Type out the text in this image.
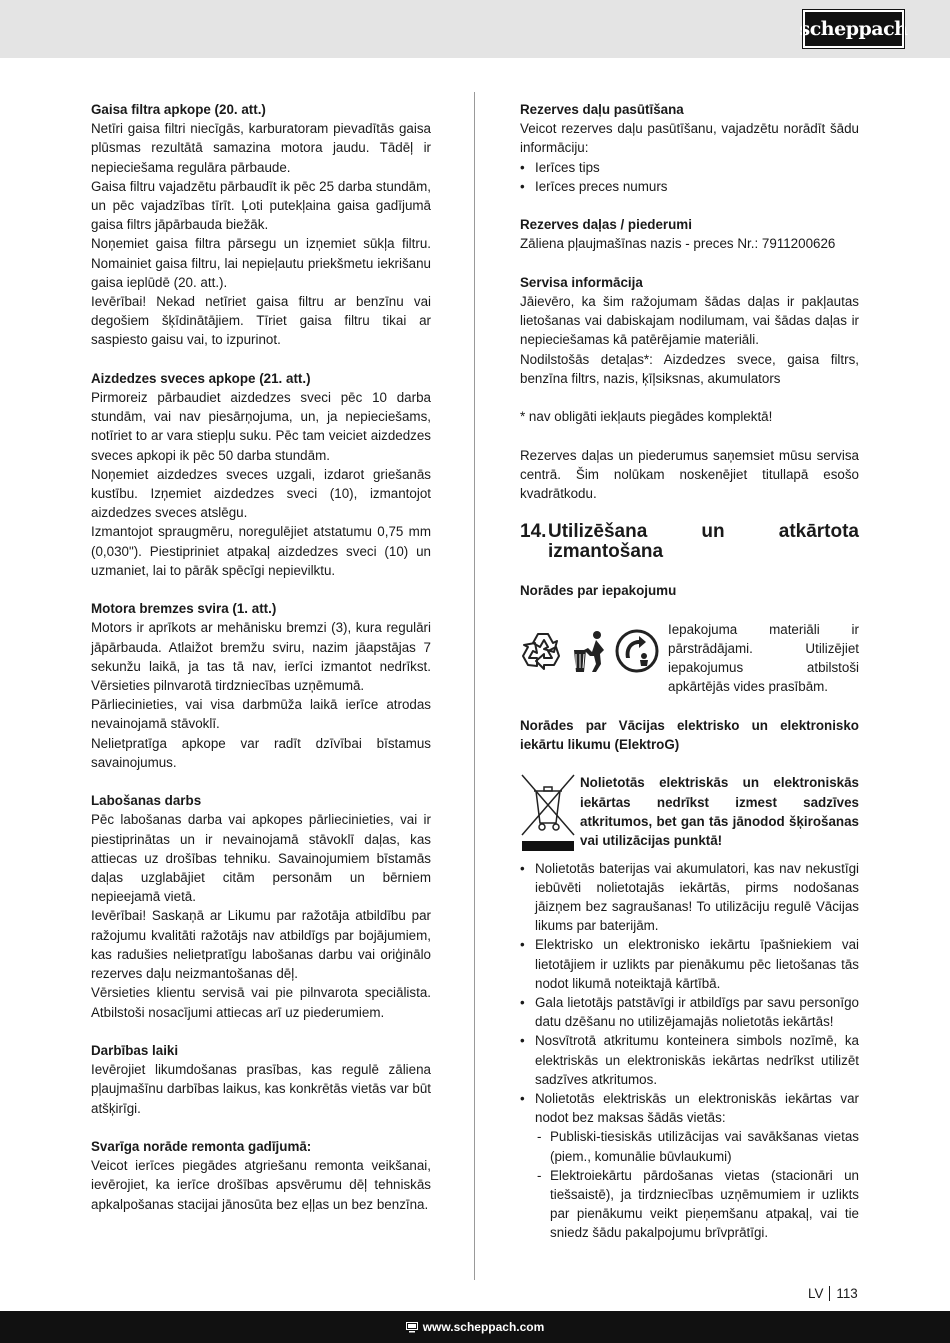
scheppach
Gaisa filtra apkope (20. att.)
Netīri gaisa filtri niecīgās, karburatoram pievadītās gaisa plūsmas rezultātā samazina motora jaudu. Tādēļ ir nepieciešama regulāra pārbaude.
Gaisa filtru vajadzētu pārbaudīt ik pēc 25 darba stundām, un pēc vajadzības tīrīt. Ļoti putekļaina gaisa gadījumā gaisa filtrs jāpārbauda biežāk.
Noņemiet gaisa filtra pārsegu un izņemiet sūkļa filtru. Nomainiet gaisa filtru, lai nepieļautu priekšmetu iekrišanu gaisa ieplūdē (20. att.).
Ievērībai! Nekad netīriet gaisa filtru ar benzīnu vai degošiem šķīdinātājiem. Tīriet gaisa filtru tikai ar saspiesto gaisu vai, to izpurinot.
Aizdedzes sveces apkope (21. att.)
Pirmoreiz pārbaudiet aizdedzes sveci pēc 10 darba stundām, vai nav piesārņojuma, un, ja nepieciešams, notīriet to ar vara stiepļu suku. Pēc tam veiciet aizdedzes sveces apkopi ik pēc 50 darba stundām.
Noņemiet aizdedzes sveces uzgali, izdarot griešanās kustību. Izņemiet aizdedzes sveci (10), izmantojot aizdedzes sveces atslēgu.
Izmantojot spraugmēru, noregulējiet atstatumu 0,75 mm (0,030"). Piestipriniet atpakaļ aizdedzes sveci (10) un uzmaniet, lai to pārāk spēcīgi nepievilktu.
Motora bremzes svira (1. att.)
Motors ir aprīkots ar mehānisku bremzi (3), kura regulāri jāpārbauda. Atlaižot bremžu sviru, nazim jāapstājas 7 sekunžu laikā, ja tas tā nav, ierīci izmantot nedrīkst. Vērsieties pilnvarotā tirdzniecības uzņēmumā.
Pārliecinieties, vai visa darbmūža laikā ierīce atrodas nevainojamā stāvoklī.
Nelietpratīga apkope var radīt dzīvībai bīstamus savainojumus.
Labošanas darbs
Pēc labošanas darba vai apkopes pārliecinieties, vai ir piestiprinātas un ir nevainojamā stāvoklī daļas, kas attiecas uz drošības tehniku. Savainojumiem bīstamās daļas uzglabājiet citām personām un bērniem nepieejamā vietā.
Ievērībai! Saskaņā ar Likumu par ražotāja atbildību par ražojumu kvalitāti ražotājs nav atbildīgs par bojājumiem, kas radušies nelietpratīgu labošanas darbu vai oriģinālo rezerves daļu neizmantošanas dēļ.
Vērsieties klientu servisā vai pie pilnvarota speciālista. Atbilstoši nosacījumi attiecas arī uz piederumiem.
Darbības laiki
Ievērojiet likumdošanas prasības, kas regulē zāliena pļaujmašīnu darbības laikus, kas konkrētās vietās var būt atšķirīgi.
Svarīga norāde remonta gadījumā:
Veicot ierīces piegādes atgriešanu remonta veikšanai, ievērojiet, ka ierīce drošības apsvērumu dēļ tehniskās apkalpošanas stacijai jānosūta bez eļļas un bez benzīna.
Rezerves daļu pasūtīšana
Veicot rezerves daļu pasūtīšanu, vajadzētu norādīt šādu informāciju:
• Ierīces tips
• Ierīces preces numurs
Rezerves daļas / piederumi
Zāliena pļaujmašīnas nazis - preces Nr.: 7911200626
Servisa informācija
Jāievēro, ka šim ražojumam šādas daļas ir pakļautas lietošanas vai dabiskajam nodilumam, vai šādas daļas ir nepieciešamas kā patērējamie materiāli.
Nodilstošās detaļas*: Aizdedzes svece, gaisa filtrs, benzīna filtrs, nazis, ķīļsiksnas, akumulators
* nav obligāti iekļauts piegādes komplektā!
Rezerves daļas un piederumus saņemsiet mūsu servisa centrā. Šim nolūkam noskenējiet titullapā esošo kvadrātkodu.
14. Utilizēšana un atkārtota izmantošana
Norādes par iepakojumu
Iepakojuma materiāli ir pārstrādājami. Utilizējiet iepakojumus atbilstoši apkārtējās vides prasībām.
Norādes par Vācijas elektrisko un elektronisko iekārtu likumu (ElektroG)
Nolietotās elektriskās un elektroniskās iekārtas nedrīkst izmest sadzīves atkritumos, bet gan tās jānodod šķirošanas vai utilizācijas punktā!
• Nolietotās baterijas vai akumulatori, kas nav nekustīgi iebūvēti nolietotajās iekārtās, pirms nodošanas jāizņem bez sagraušanas! To utilizāciju regulē Vācijas likums par baterijām.
• Elektrisko un elektronisko iekārtu īpašniekiem vai lietotājiem ir uzlikts par pienākumu pēc lietošanas tās nodot likumā noteiktajā kārtībā.
• Gala lietotājs patstāvīgi ir atbildīgs par savu personīgo datu dzēšanu no utilizējamajās nolietotās iekārtās!
• Nosvītrotā atkritumu konteinera simbols nozīmē, ka elektriskās un elektroniskās iekārtas nedrīkst utilizēt sadzīves atkritumos.
• Nolietotās elektriskās un elektroniskās iekārtas var nodot bez maksas šādās vietās:
- Publiski-tiesiskās utilizācijas vai savākšanas vietas (piem., komunālie būvlaukumi)
- Elektroiekārtu pārdošanas vietas (stacionāri un tiešsaistē), ja tirdzniecības uzņēmumiem ir uzlikts par pienākumu veikt pieņemšanu atpakaļ, vai tie sniedz šādu pakalpojumu brīvprātīgi.
LV 113
www.scheppach.com
